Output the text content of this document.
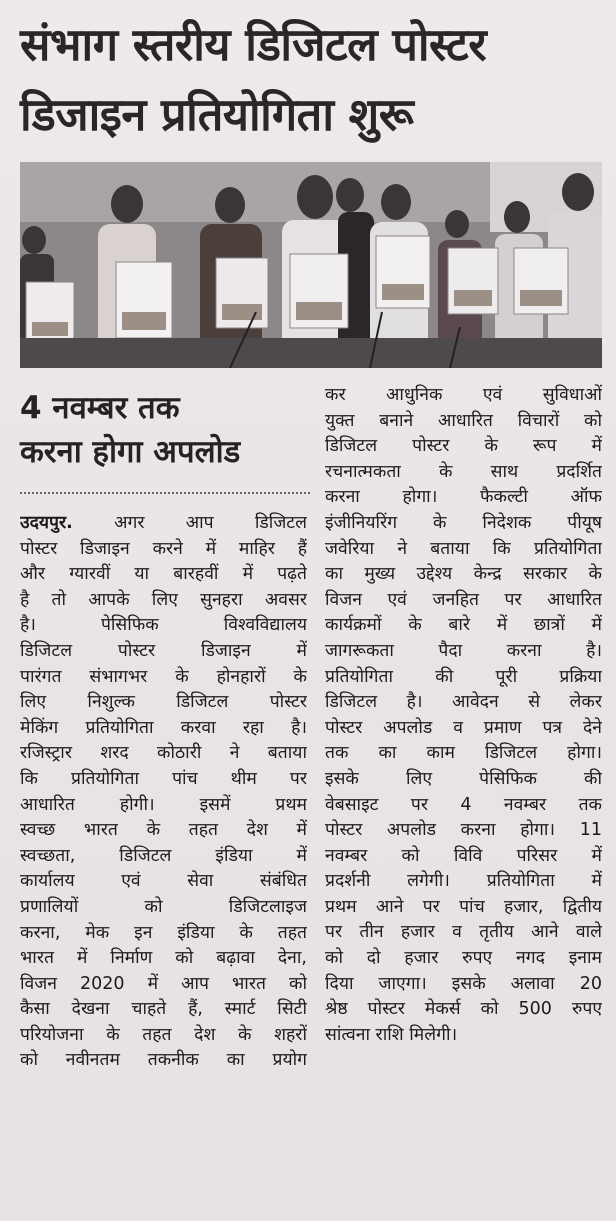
संभाग स्तरीय डिजिटल पोस्टर
डिजाइन प्रतियोगिता शुरू
4 नवम्बर तक
करना होगा अपलोड
उदयपुर. अगर आप डिजिटल
पोस्टर डिजाइन करने में माहिर हैं
और ग्यारवीं या बारहवीं में पढ़ते
है तो आपके लिए सुनहरा अवसर
है। पेसिफिक विश्वविद्यालय
डिजिटल पोस्टर डिजाइन में
पारंगत संभागभर के होनहारों के
लिए निशुल्क डिजिटल पोस्टर
मेकिंग प्रतियोगिता करवा रहा है।
रजिस्ट्रार शरद कोठारी ने बताया
कि प्रतियोगिता पांच थीम पर
आधारित होगी। इसमें प्रथम
स्वच्छ भारत के तहत देश में
स्वच्छता, डिजिटल इंडिया में
कार्यालय एवं सेवा संबंधित
प्रणालियों को डिजिटलाइज
करना, मेक इन इंडिया के तहत
भारत में निर्माण को बढ़ावा देना,
विजन 2020 में आप भारत को
कैसा देखना चाहते हैं, स्मार्ट सिटी
परियोजना के तहत देश के शहरों
को नवीनतम तकनीक का प्रयोग
कर आधुनिक एवं सुविधाओं
युक्त बनाने आधारित विचारों को
डिजिटल पोस्टर के रूप में
रचनात्मकता के साथ प्रदर्शित
करना होगा। फैकल्टी ऑफ
इंजीनियरिंग के निदेशक पीयूष
जवेरिया ने बताया कि प्रतियोगिता
का मुख्य उद्देश्य केन्द्र सरकार के
विजन एवं जनहित पर आधारित
कार्यक्रमों के बारे में छात्रों में
जागरूकता पैदा करना है।
प्रतियोगिता की पूरी प्रक्रिया
डिजिटल है। आवेदन से लेकर
पोस्टर अपलोड व प्रमाण पत्र देने
तक का काम डिजिटल होगा।
इसके लिए पेसिफिक की
वेबसाइट पर 4 नवम्बर तक
पोस्टर अपलोड करना होगा। 11
नवम्बर को विवि परिसर में
प्रदर्शनी लगेगी। प्रतियोगिता में
प्रथम आने पर पांच हजार, द्वितीय
पर तीन हजार व तृतीय आने वाले
को दो हजार रुपए नगद इनाम
दिया जाएगा। इसके अलावा 20
श्रेष्ठ पोस्टर मेकर्स को 500 रुपए
सांत्वना राशि मिलेगी।
